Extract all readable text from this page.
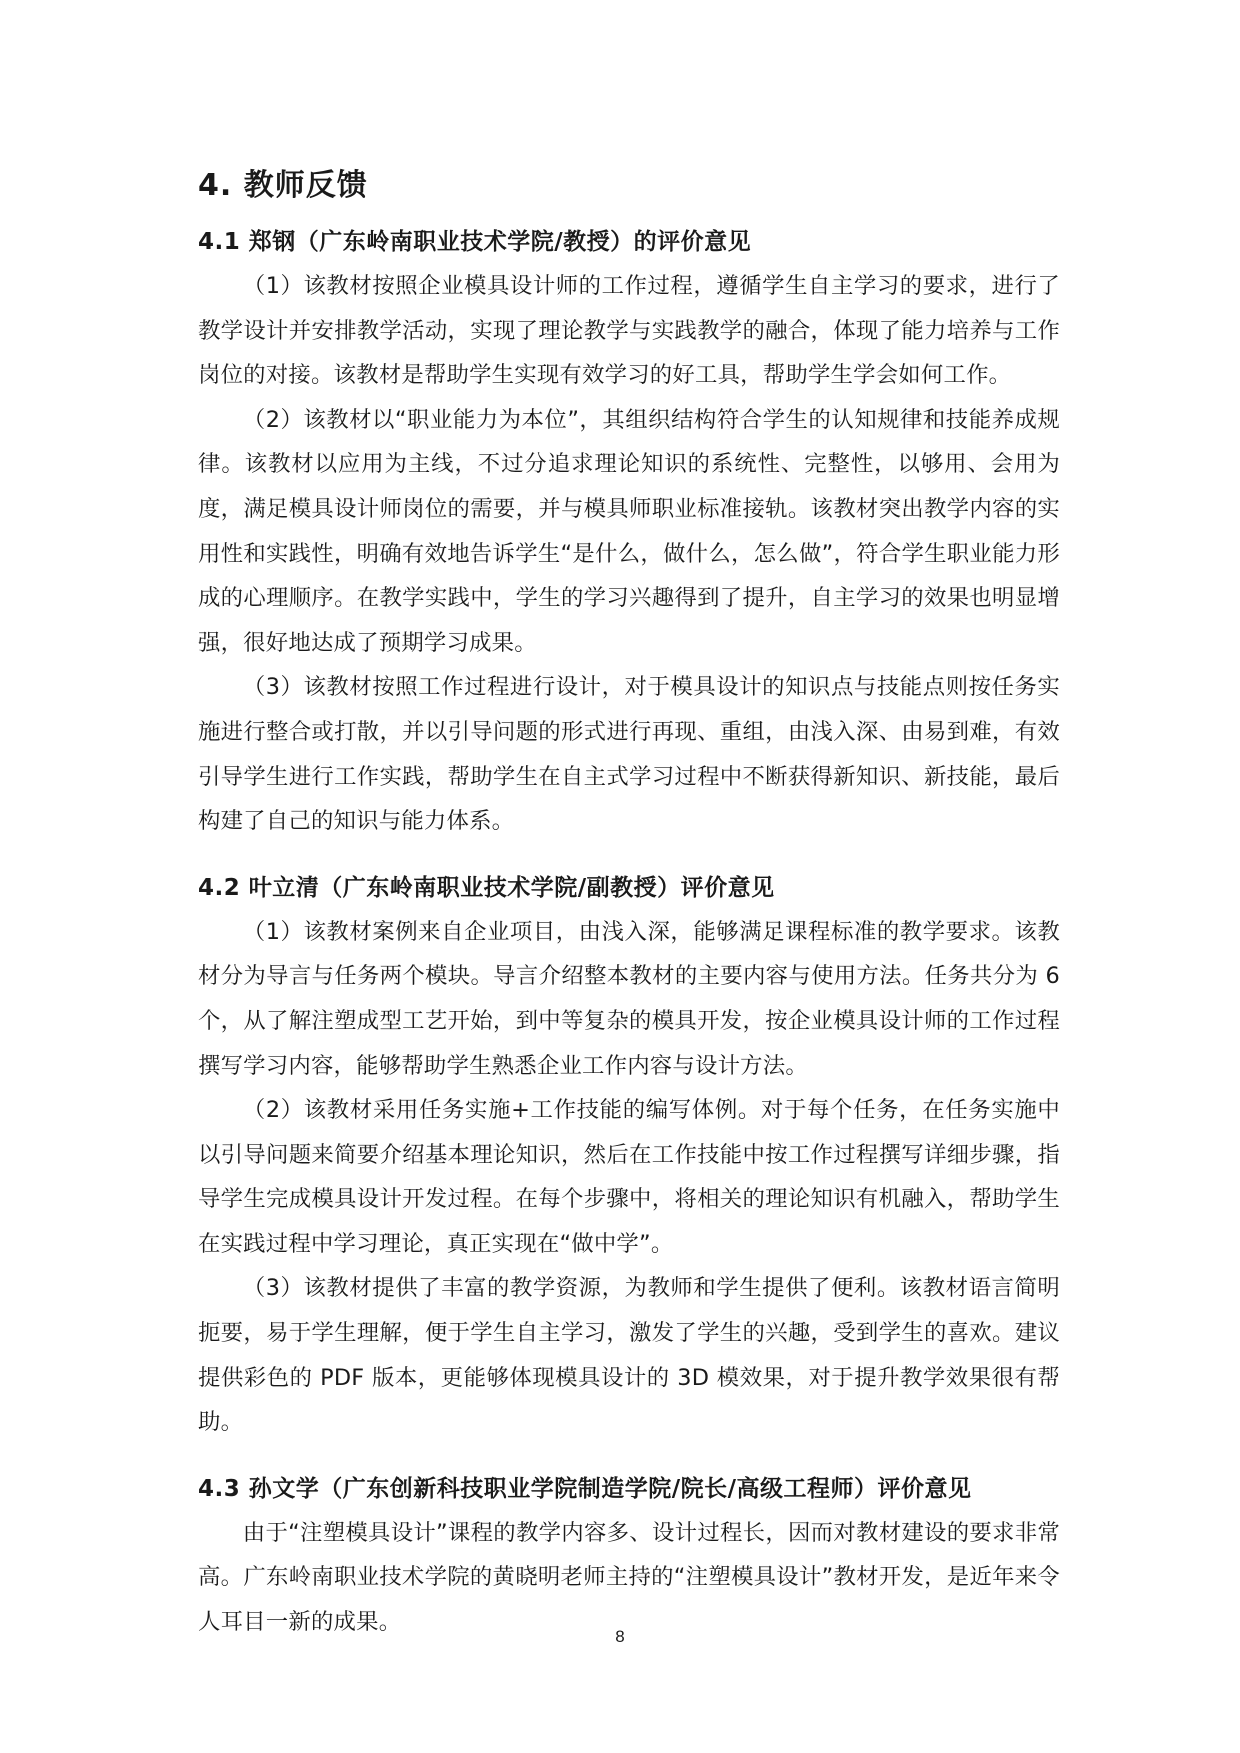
4. 教师反馈
4.1 郑钢（广东岭南职业技术学院/教授）的评价意见

（1）该教材按照企业模具设计师的工作过程，遵循学生自主学习的要求，进行了教学设计并安排教学活动，实现了理论教学与实践教学的融合，体现了能力培养与工作岗位的对接。该教材是帮助学生实现有效学习的好工具，帮助学生学会如何工作。

（2）该教材以“职业能力为本位”，其组织结构符合学生的认知规律和技能养成规律。该教材以应用为主线，不过分追求理论知识的系统性、完整性，以够用、会用为度，满足模具设计师岗位的需要，并与模具师职业标准接轨。该教材突出教学内容的实用性和实践性，明确有效地告诉学生“是什么，做什么，怎么做”，符合学生职业能力形成的心理顺序。在教学实践中，学生的学习兴趣得到了提升，自主学习的效果也明显增强，很好地达成了预期学习成果。

（3）该教材按照工作过程进行设计，对于模具设计的知识点与技能点则按任务实施进行整合或打散，并以引导问题的形式进行再现、重组，由浅入深、由易到难，有效引导学生进行工作实践，帮助学生在自主式学习过程中不断获得新知识、新技能，最后构建了自己的知识与能力体系。

4.2 叶立清（广东岭南职业技术学院/副教授）评价意见

（1）该教材案例来自企业项目，由浅入深，能够满足课程标准的教学要求。该教材分为导言与任务两个模块。导言介绍整本教材的主要内容与使用方法。任务共分为 6 个，从了解注塑成型工艺开始，到中等复杂的模具开发，按企业模具设计师的工作过程撰写学习内容，能够帮助学生熟悉企业工作内容与设计方法。

（2）该教材采用任务实施+工作技能的编写体例。对于每个任务，在任务实施中以引导问题来简要介绍基本理论知识，然后在工作技能中按工作过程撰写详细步骤，指导学生完成模具设计开发过程。在每个步骤中，将相关的理论知识有机融入，帮助学生在实践过程中学习理论，真正实现在“做中学”。

（3）该教材提供了丰富的教学资源，为教师和学生提供了便利。该教材语言简明扼要，易于学生理解，便于学生自主学习，激发了学生的兴趣，受到学生的喜欢。建议提供彩色的 PDF 版本，更能够体现模具设计的 3D 模效果，对于提升教学效果很有帮助。

4.3 孙文学（广东创新科技职业学院制造学院/院长/高级工程师）评价意见

由于“注塑模具设计”课程的教学内容多、设计过程长，因而对教材建设的要求非常高。广东岭南职业技术学院的黄晓明老师主持的“注塑模具设计”教材开发，是近年来令人耳目一新的成果。

8
